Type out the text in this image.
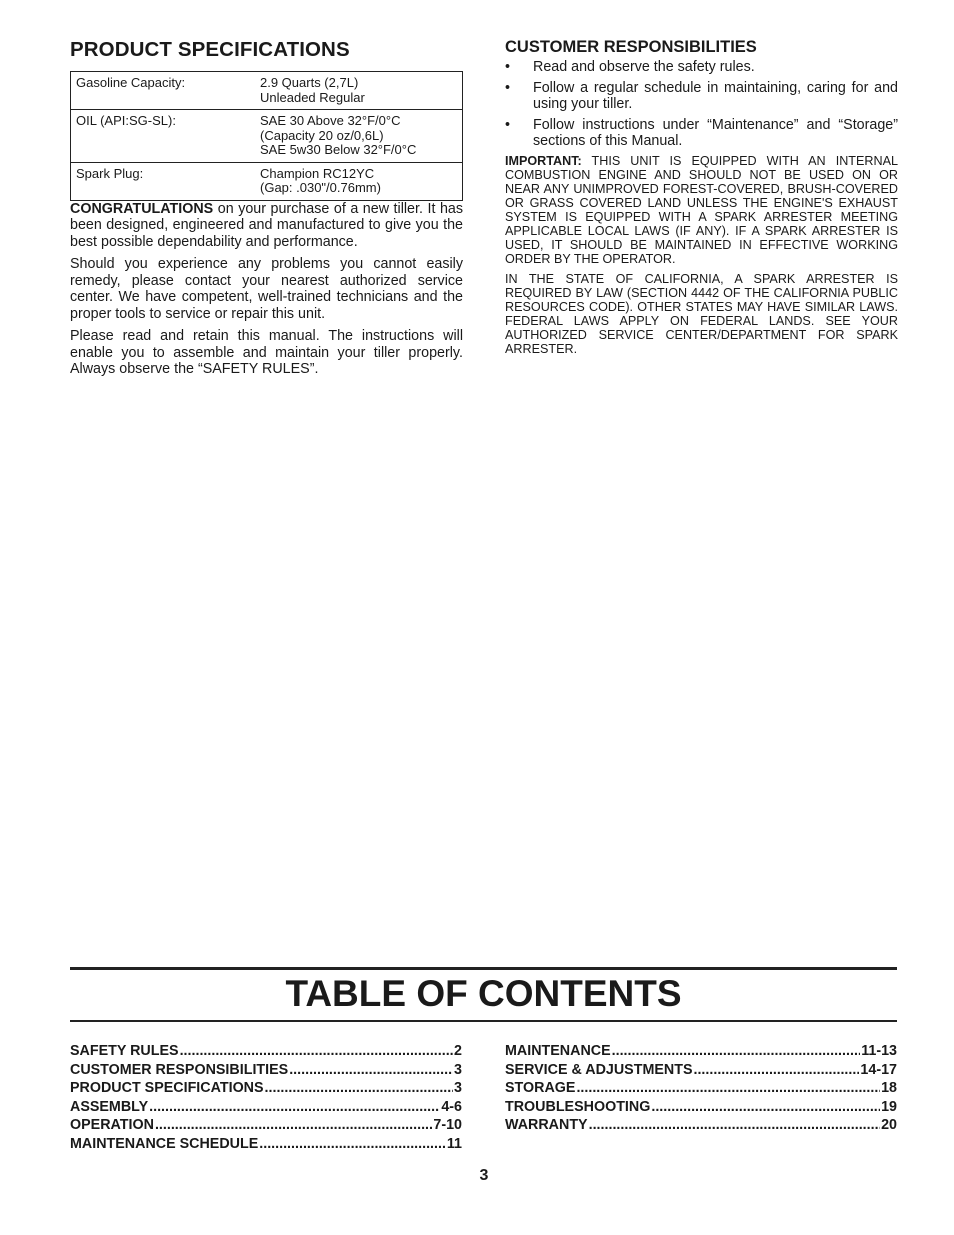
PRODUCT SPECIFICATIONS
Gasoline Capacity:	2.9 Quarts (2,7L)
Unleaded Regular

OIL (API:SG-SL):	SAE 30 Above 32°F/0°C
(Capacity 20 oz/0,6L)
SAE 5w30 Below 32°F/0°C

Spark Plug:	Champion RC12YC
(Gap: .030"/0.76mm)

CONGRATULATIONS on your purchase of a new tiller. It has been designed, engineered and manufactured to give you the best possible dependability and performance.

Should you experience any problems you cannot easily remedy, please contact your nearest authorized service center. We have competent, well-trained technicians and the proper tools to service or repair this unit.

Please read and retain this manual. The instructions will enable you to assemble and maintain your tiller properly. Always observe the “SAFETY RULES”.

CUSTOMER RESPONSIBILITIES
• Read and observe the safety rules.
• Follow a regular schedule in maintaining, caring for and using your tiller.
• Follow instructions under “Maintenance” and “Storage” sections of this Manual.

IMPORTANT: THIS UNIT IS EQUIPPED WITH AN INTERNAL COMBUSTION ENGINE AND SHOULD NOT BE USED ON OR NEAR ANY UNIMPROVED FOREST-COVERED, BRUSH-COVERED OR GRASS COVERED LAND UNLESS THE ENGINE'S EXHAUST SYSTEM IS EQUIPPED WITH A SPARK ARRESTER MEETING APPLICABLE LOCAL LAWS (IF ANY). IF A SPARK ARRESTER IS USED, IT SHOULD BE MAINTAINED IN EFFECTIVE WORKING ORDER BY THE OPERATOR.

IN THE STATE OF CALIFORNIA, A SPARK ARRESTER IS REQUIRED BY LAW (SECTION 4442 OF THE CALIFORNIA PUBLIC RESOURCES CODE). OTHER STATES MAY HAVE SIMILAR LAWS. FEDERAL LAWS APPLY ON FEDERAL LANDS. SEE YOUR AUTHORIZED SERVICE CENTER/DEPARTMENT FOR SPARK ARRESTER.

TABLE OF CONTENTS
SAFETY RULES .....	2
CUSTOMER RESPONSIBILITIES .....	3
PRODUCT SPECIFICATIONS .....	3
ASSEMBLY .....	4-6
OPERATION .....	7-10
MAINTENANCE SCHEDULE .....	11
MAINTENANCE .....	11-13
SERVICE & ADJUSTMENTS .....	14-17
STORAGE .....	18
TROUBLESHOOTING .....	19
WARRANTY .....	20
3
